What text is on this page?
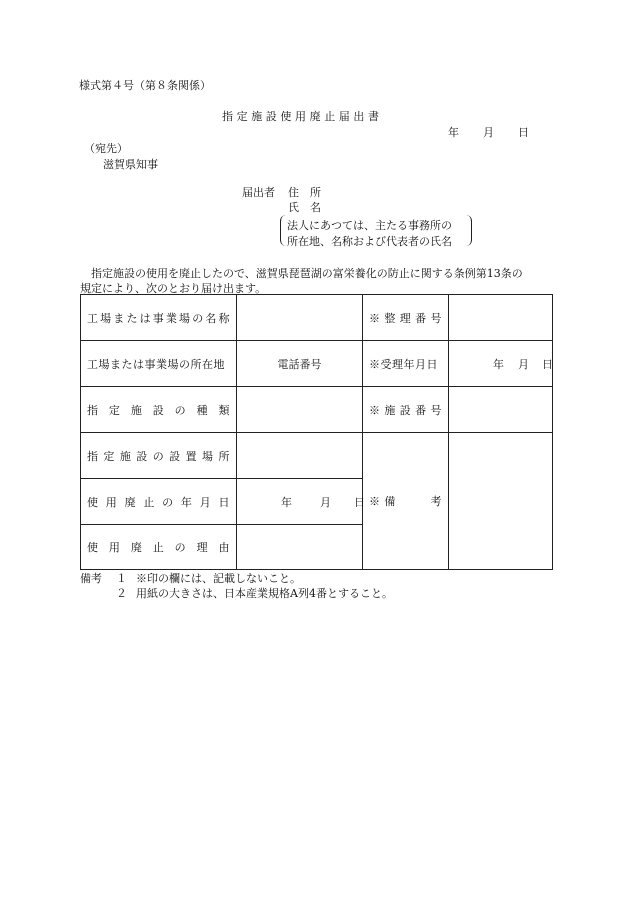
様式第４号（第８条関係）
指定施設使用廃止届出書
年 月 日
（宛先）
滋賀県知事
届出者 住　所
氏　名
法人にあつては、主たる事務所の
所在地、名称および代表者の氏名
　指定施設の使用を廃止したので、滋賀県琵琶湖の富栄養化の防止に関する条例第13条の
規定により、次のとおり届け出ます。
工場または事業場の名称		※整理番号	
工場または事業場の所在地	電話番号	※受理年月日	年 月 日

指定施設の種類		※施設番号	
指定施設の設置場所		※備　　考	
使用廃止の年月日	年 月 日		

使用廃止の理由			
備考 １ ※印の欄には、記載しないこと。
２ 用紙の大きさは、日本産業規格A列4番とすること。
